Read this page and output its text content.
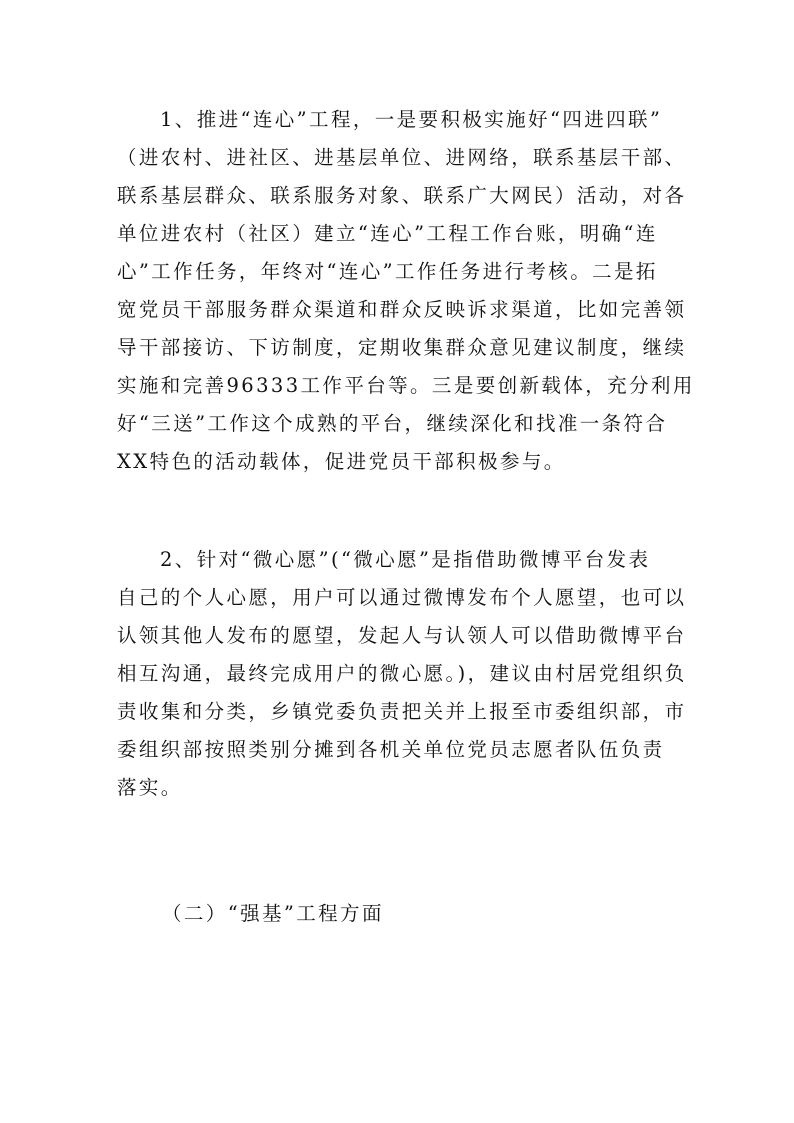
1、推进“连心”工程，一是要积极实施好“四进四联”
（进农村、进社区、进基层单位、进网络，联系基层干部、
联系基层群众、联系服务对象、联系广大网民）活动，对各
单位进农村（社区）建立“连心”工程工作台账，明确“连
心”工作任务，年终对“连心”工作任务进行考核。二是拓
宽党员干部服务群众渠道和群众反映诉求渠道，比如完善领
导干部接访、下访制度，定期收集群众意见建议制度，继续
实施和完善96333工作平台等。三是要创新载体，充分利用
好“三送”工作这个成熟的平台，继续深化和找准一条符合
XX特色的活动载体，促进党员干部积极参与。
2、针对“微心愿”(“微心愿”是指借助微博平台发表
自己的个人心愿，用户可以通过微博发布个人愿望，也可以
认领其他人发布的愿望，发起人与认领人可以借助微博平台
相互沟通，最终完成用户的微心愿。)，建议由村居党组织负
责收集和分类，乡镇党委负责把关并上报至市委组织部，市
委组织部按照类别分摊到各机关单位党员志愿者队伍负责
落实。
（二）“强基”工程方面
